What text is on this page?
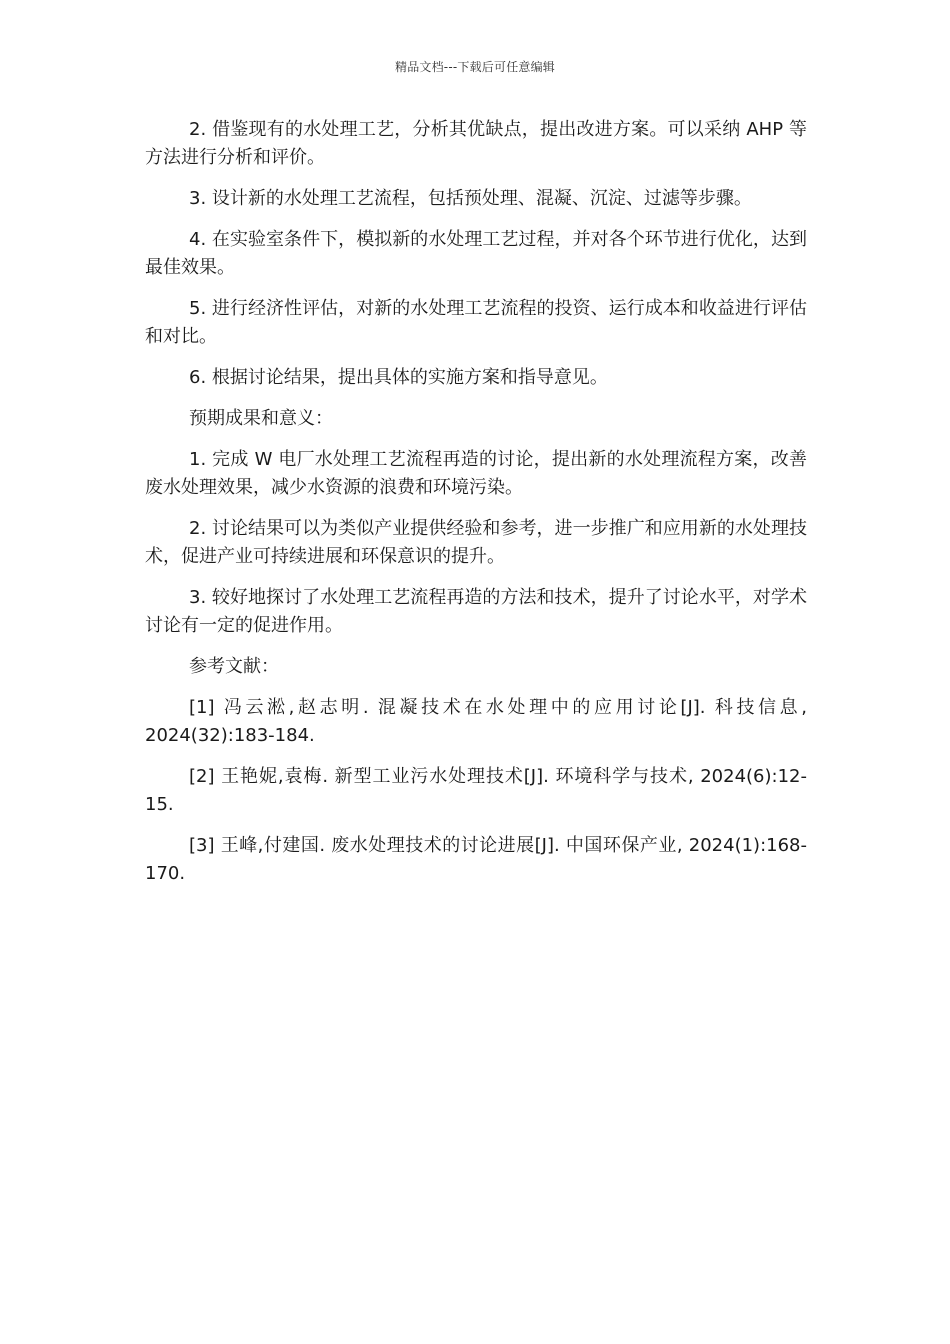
精品文档---下载后可任意编辑

2. 借鉴现有的水处理工艺，分析其优缺点，提出改进方案。可以采纳 AHP 等方法进行分析和评价。

3. 设计新的水处理工艺流程，包括预处理、混凝、沉淀、过滤等步骤。

4. 在实验室条件下，模拟新的水处理工艺过程，并对各个环节进行优化，达到最佳效果。

5. 进行经济性评估，对新的水处理工艺流程的投资、运行成本和收益进行评估和对比。

6. 根据讨论结果，提出具体的实施方案和指导意见。

预期成果和意义：

1. 完成 W 电厂水处理工艺流程再造的讨论，提出新的水处理流程方案，改善废水处理效果，减少水资源的浪费和环境污染。

2. 讨论结果可以为类似产业提供经验和参考，进一步推广和应用新的水处理技术，促进产业可持续进展和环保意识的提升。

3. 较好地探讨了水处理工艺流程再造的方法和技术，提升了讨论水平，对学术讨论有一定的促进作用。

参考文献：

[1] 冯云淞,赵志明. 混凝技术在水处理中的应用讨论[J]. 科技信息, 2024(32):183-184.

[2] 王艳妮,袁梅. 新型工业污水处理技术[J]. 环境科学与技术, 2024(6):12-15.

[3] 王峰,付建国. 废水处理技术的讨论进展[J]. 中国环保产业, 2024(1):168-170.
